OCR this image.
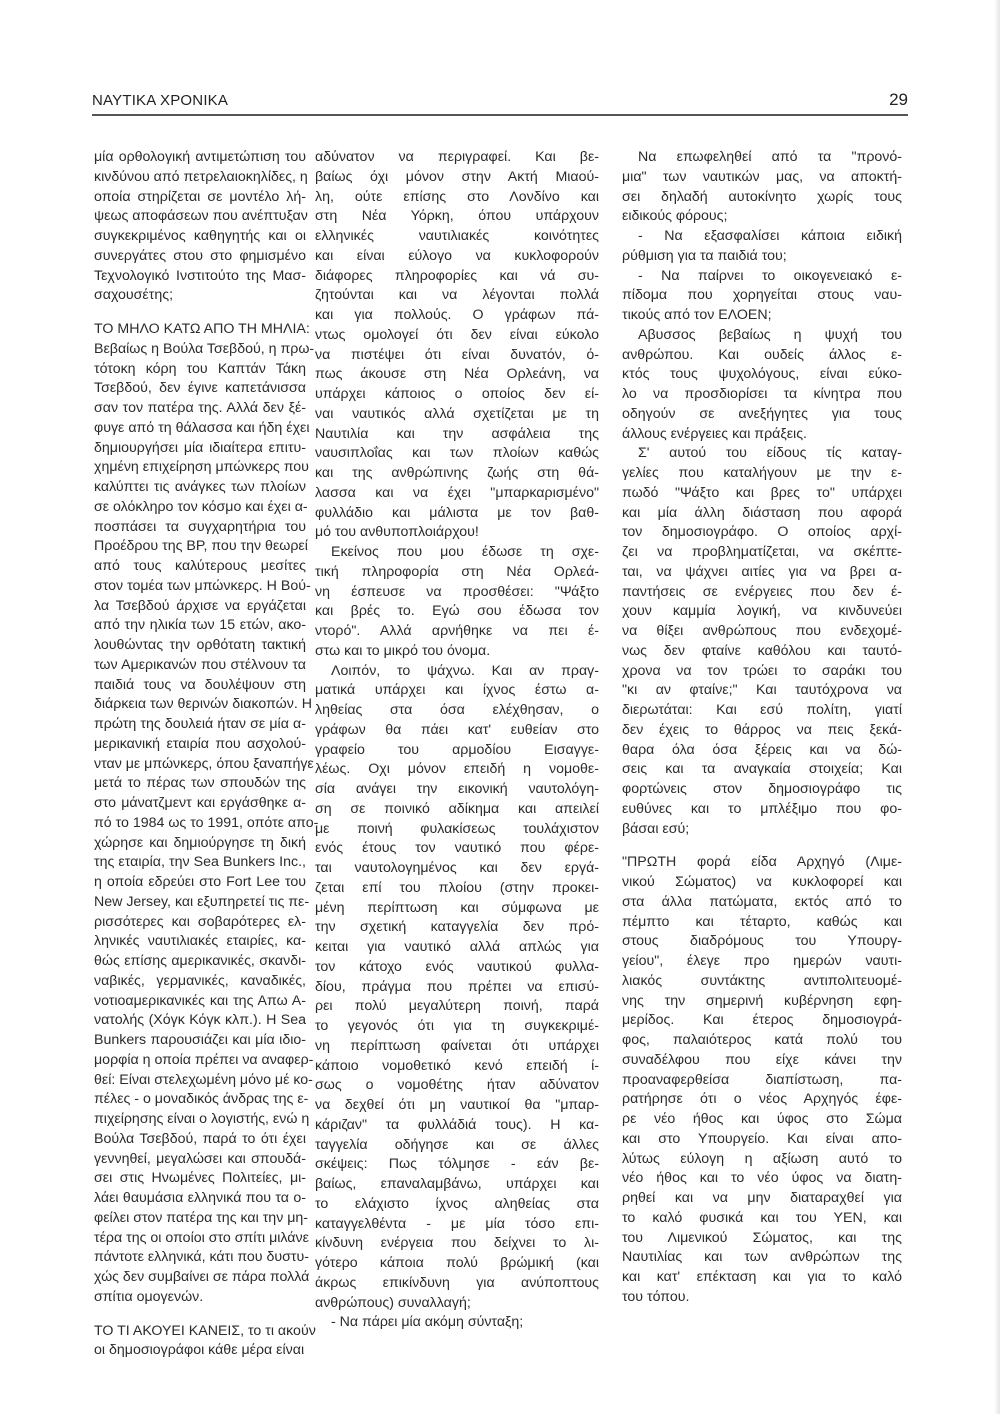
ΝΑΥΤΙΚΑ ΧΡΟΝΙΚΑ	29
μία ορθολογική αντιμετώπιση του
κινδύνου από πετρελαιοκηλίδες, η
οποία στηρίζεται σε μοντέλο λή-
ψεως αποφάσεων που ανέπτυξαν
συγκεκριμένος καθηγητής και οι
συνεργάτες στου στο φημισμένο
Τεχνολογικό Ινστιτούτο της Μασ-
σαχουσέτης;
ΤΟ ΜΗΛΟ ΚΑΤΩ ΑΠΟ ΤΗ ΜΗΛΙΑ:
Βεβαίως η Βούλα Τσεβδού, η πρω-
τότοκη κόρη του Καπτάν Τάκη
Τσεβδού, δεν έγινε καπετάνισσα
σαν τον πατέρα της. Αλλά δεν ξέ-
φυγε από τη θάλασσα και ήδη έχει
δημιουργήσει μία ιδιαίτερα επιτυ-
χημένη επιχείρηση μπώνκερς που
καλύπτει τις ανάγκες των πλοίων
σε ολόκληρο τον κόσμο και έχει α-
ποσπάσει τα συγχαρητήρια του
Προέδρου της BP, που την θεωρεί
από τους καλύτερους μεσίτες
στον τομέα των μπώνκερς. Η Βού-
λα Τσεβδού άρχισε να εργάζεται
από την ηλικία των 15 ετών, ακο-
λουθώντας την ορθότατη τακτική
των Αμερικανών που στέλνουν τα
παιδιά τους να δουλέψουν στη
διάρκεια των θερινών διακοπών. Η
πρώτη της δουλειά ήταν σε μία α-
μερικανική εταιρία που ασχολού-
νταν με μπώνκερς, όπου ξαναπήγε
μετά το πέρας των σπουδών της
στο μάνατζμεντ και εργάσθηκε α-
πό το 1984 ως το 1991, οπότε απο-
χώρησε και δημιούργησε τη δική
της εταιρία, την Sea Bunkers Inc.,
η οποία εδρεύει στο Fort Lee του
New Jersey, και εξυπηρετεί τις πε-
ρισσότερες και σοβαρότερες ελ-
ληνικές ναυτιλιακές εταιρίες, κα-
θώς επίσης αμερικανικές, σκανδι-
ναβικές, γερμανικές, καναδικές,
νοτιοαμερικανικές και της Απω Α-
νατολής (Χόγκ Κόγκ κλπ.). Η Sea
Bunkers παρουσιάζει και μία ιδιο-
μορφία η οποία πρέπει να αναφερ-
θεί: Είναι στελεχωμένη μόνο μέ κο-
πέλες - ο μοναδικός άνδρας της ε-
πιχείρησης είναι ο λογιστής, ενώ η
Βούλα Τσεβδού, παρά το ότι έχει
γεννηθεί, μεγαλώσει και σπουδά-
σει στις Ηνωμένες Πολιτείες, μι-
λάει θαυμάσια ελληνικά που τα ο-
φείλει στον πατέρα της και την μη-
τέρα της οι οποίοι στο σπίτι μιλάνε
πάντοτε ελληνικά, κάτι που δυστυ-
χώς δεν συμβαίνει σε πάρα πολλά
σπίτια ομογενών.
ΤΟ ΤΙ ΑΚΟΥΕΙ ΚΑΝΕΙΣ, το τι ακούν
οι δημοσιογράφοι κάθε μέρα είναι
αδύνατον να περιγραφεί. Και βε-
βαίως όχι μόνον στην Ακτή Μιαού-
λη, ούτε επίσης στο Λονδίνο και
στη Νέα Υόρκη, όπου υπάρχουν
ελληνικές ναυτιλιακές κοινότητες
και είναι εύλογο να κυκλοφορούν
διάφορες πληροφορίες και νά συ-
ζητούνται και να λέγονται πολλά
και για πολλούς. Ο γράφων πά-
ντως ομολογεί ότι δεν είναι εύκολο
να πιστέψει ότι είναι δυνατόν, ό-
πως άκουσε στη Νέα Ορλεάνη, να
υπάρχει κάποιος ο οποίος δεν εί-
ναι ναυτικός αλλά σχετίζεται με τη
Ναυτιλία και την ασφάλεια της
ναυσιπλοΐας και των πλοίων καθώς
και της ανθρώπινης ζωής στη θά-
λασσα και να έχει "μπαρκαρισμένο"
φυλλάδιο και μάλιστα με τον βαθ-
μό του ανθυποπλοιάρχου!
Εκείνος που μου έδωσε τη σχε-
τική πληροφορία στη Νέα Ορλεά-
νη έσπευσε να προσθέσει: "Ψάξτο
και βρές το. Εγώ σου έδωσα τον
ντορό". Αλλά αρνήθηκε να πει έ-
στω και το μικρό του όνομα.
Λοιπόν, το ψάχνω. Και αν πραγ-
ματικά υπάρχει και ίχνος έστω α-
ληθείας στα όσα ελέχθησαν, ο
γράφων θα πάει κατ' ευθείαν στο
γραφείο του αρμοδίου Εισαγγε-
λέως. Οχι μόνον επειδή η νομοθε-
σία ανάγει την εικονική ναυτολόγη-
ση σε ποινικό αδίκημα και απειλεί
με ποινή φυλακίσεως τουλάχιστον
ενός έτους τον ναυτικό που φέρε-
ται ναυτολογημένος και δεν εργά-
ζεται επί του πλοίου (στην προκει-
μένη περίπτωση και σύμφωνα με
την σχετική καταγγελία δεν πρό-
κειται για ναυτικό αλλά απλώς για
τον κάτοχο ενός ναυτικού φυλλα-
δίου, πράγμα που πρέπει να επισύ-
ρει πολύ μεγαλύτερη ποινή, παρά
το γεγονός ότι για τη συγκεκριμέ-
νη περίπτωση φαίνεται ότι υπάρχει
κάποιο νομοθετικό κενό επειδή ί-
σως ο νομοθέτης ήταν αδύνατον
να δεχθεί ότι μη ναυτικοί θα "μπαρ-
κάριζαν" τα φυλλάδιά τους). Η κα-
ταγγελία οδήγησε και σε άλλες
σκέψεις: Πως τόλμησε - εάν βε-
βαίως, επαναλαμβάνω, υπάρχει και
το ελάχιστο ίχνος αληθείας στα
καταγγελθέντα - με μία τόσο επι-
κίνδυνη ενέργεια που δείχνει το λι-
γότερο κάποια πολύ βρώμική (και
άκρως επικίνδυνη για ανύποπτους
ανθρώπους) συναλλαγή;
- Να πάρει μία ακόμη σύνταξη;
Να επωφεληθεί από τα "προνό-
μια" των ναυτικών μας, να αποκτή-
σει δηλαδή αυτοκίνητο χωρίς τους
ειδικούς φόρους;
- Να εξασφαλίσει κάποια ειδική
ρύθμιση για τα παιδιά του;
- Να παίρνει το οικογενειακό ε-
πίδομα που χορηγείται στους ναυ-
τικούς από τον ΕΛΟΕΝ;
Αβυσσος βεβαίως η ψυχή του
ανθρώπου. Και ουδείς άλλος ε-
κτός τους ψυχολόγους, είναι εύκο-
λο να προσδιορίσει τα κίνητρα που
οδηγούν σε ανεξήγητες για τους
άλλους ενέργειες και πράξεις.
Σ' αυτού του είδους τίς καταγ-
γελίες που καταλήγουν με την ε-
πωδό "Ψάξτο και βρες το" υπάρχει
και μία άλλη διάσταση που αφορά
τον δημοσιογράφο. Ο οποίος αρχί-
ζει να προβληματίζεται, να σκέπτε-
ται, να ψάχνει αιτίες για να βρει α-
παντήσεις σε ενέργειες που δεν έ-
χουν καμμία λογική, να κινδυνεύει
να θίξει ανθρώπους που ενδεχομέ-
νως δεν φταίνε καθόλου και ταυτό-
χρονα να τον τρώει το σαράκι του
"κι αν φταίνε;" Και ταυτόχρονα να
διερωτάται: Και εσύ πολίτη, γιατί
δεν έχεις το θάρρος να πεις ξεκά-
θαρα όλα όσα ξέρεις και να δώ-
σεις και τα αναγκαία στοιχεία; Και
φορτώνεις στον δημοσιογράφο τις
ευθύνες και το μπλέξιμο που φο-
βάσαι εσύ;
"ΠΡΩΤΗ φορά είδα Αρχηγό (Λιμε-
νικού Σώματος) να κυκλοφορεί και
στα άλλα πατώματα, εκτός από το
πέμπτο και τέταρτο, καθώς και
στους διαδρόμους του Υπουργ-
γείου", έλεγε προ ημερών ναυτι-
λιακός συντάκτης αντιπολιτευομέ-
νης την σημερινή κυβέρνηση εφη-
μερίδος. Και έτερος δημοσιογρά-
φος, παλαιότερος κατά πολύ του
συναδέλφου που είχε κάνει την
προαναφερθείσα διαπίστωση, πα-
ρατήρησε ότι ο νέος Αρχηγός έφε-
ρε νέο ήθος και ύφος στο Σώμα
και στο Υπουργείο. Και είναι απο-
λύτως εύλογη η αξίωση αυτό το
νέο ήθος και το νέο ύφος να διατη-
ρηθεί και να μην διαταραχθεί για
το καλό φυσικά και του ΥΕΝ, και
του Λιμενικού Σώματος, και της
Ναυτιλίας και των ανθρώπων της
και κατ' επέκταση και για το καλό
του τόπου.
